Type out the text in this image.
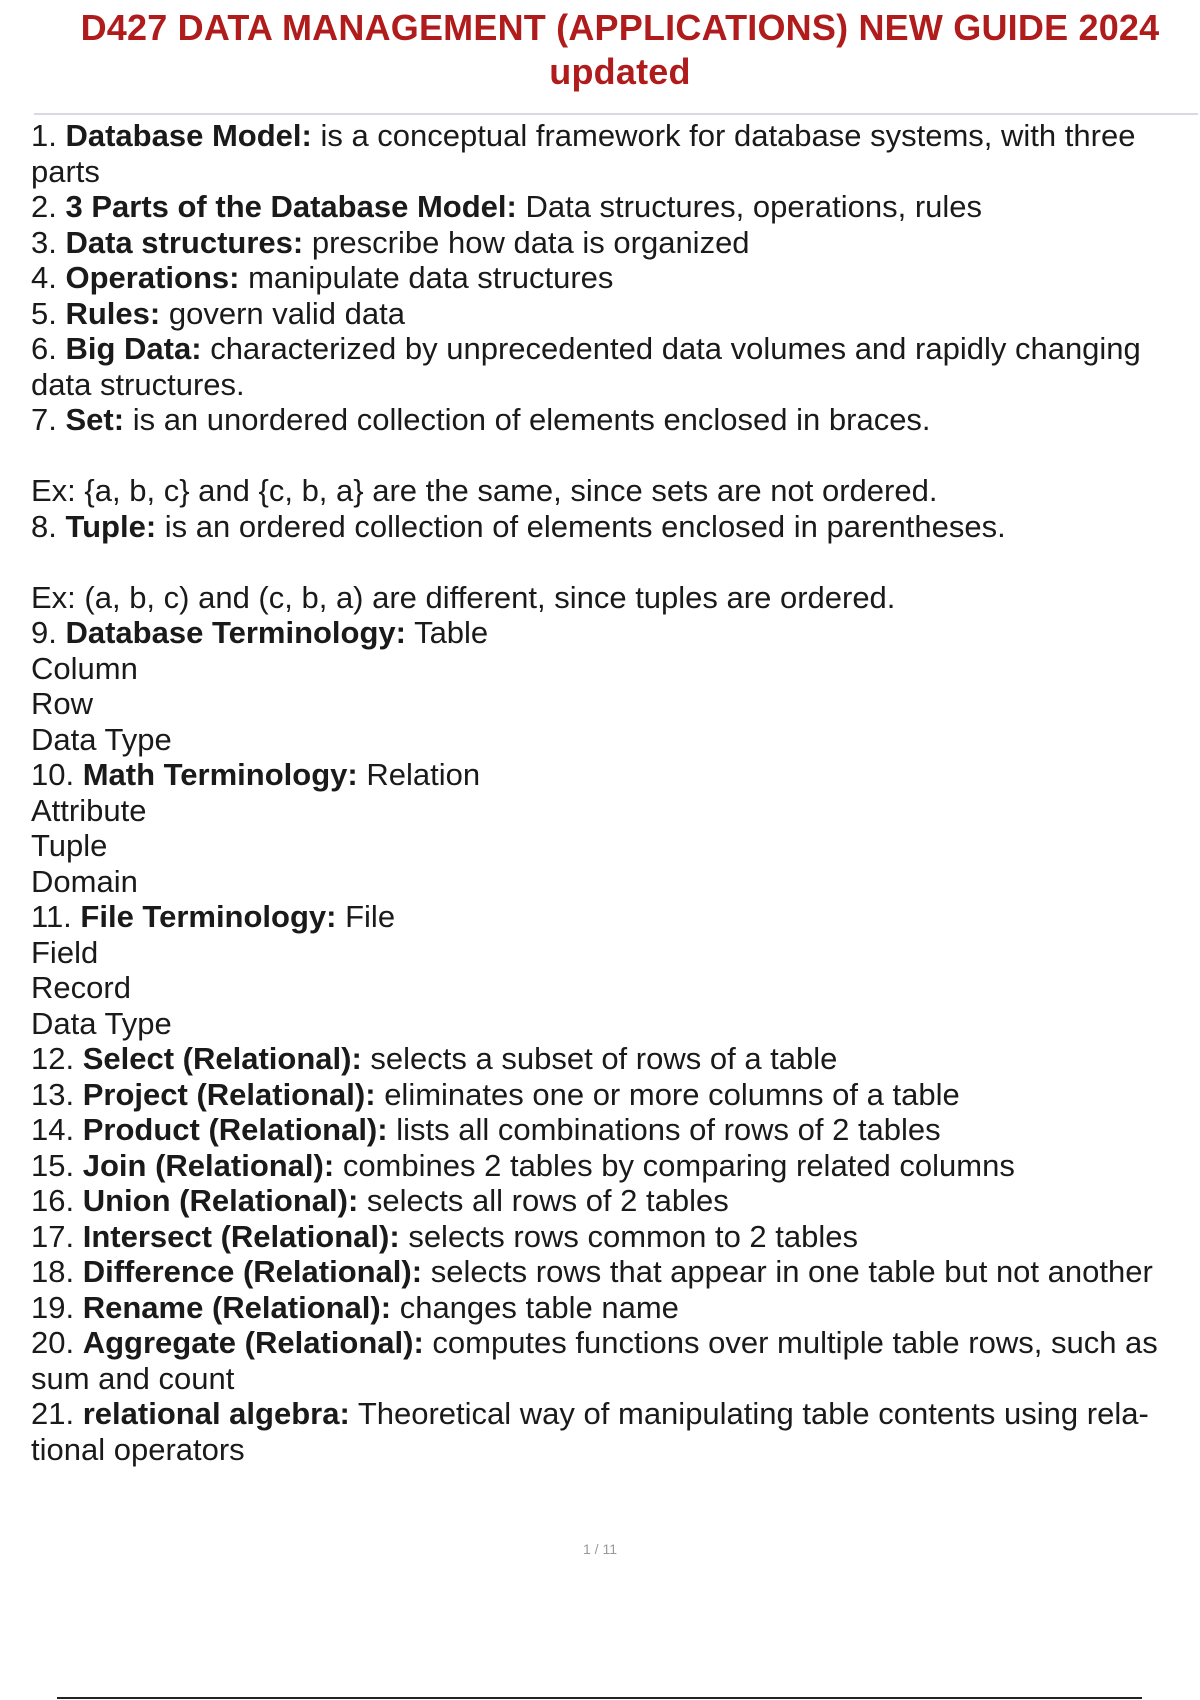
D427 DATA MANAGEMENT (APPLICATIONS) NEW GUIDE 2024 updated
1. Database Model: is a conceptual framework for database systems, with three parts
2. 3 Parts of the Database Model: Data structures, operations, rules
3. Data structures: prescribe how data is organized
4. Operations: manipulate data structures
5. Rules: govern valid data
6. Big Data: characterized by unprecedented data volumes and rapidly changing data structures.
7. Set: is an unordered collection of elements enclosed in braces.
Ex: {a, b, c} and {c, b, a} are the same, since sets are not ordered.
8. Tuple: is an ordered collection of elements enclosed in parentheses.
Ex: (a, b, c) and (c, b, a) are different, since tuples are ordered.
9. Database Terminology: Table
Column
Row
Data Type
10. Math Terminology: Relation
Attribute
Tuple
Domain
11. File Terminology: File
Field
Record
Data Type
12. Select (Relational): selects a subset of rows of a table
13. Project (Relational): eliminates one or more columns of a table
14. Product (Relational): lists all combinations of rows of 2 tables
15. Join (Relational): combines 2 tables by comparing related columns
16. Union (Relational): selects all rows of 2 tables
17. Intersect (Relational): selects rows common to 2 tables
18. Difference (Relational): selects rows that appear in one table but not another
19. Rename (Relational): changes table name
20. Aggregate (Relational): computes functions over multiple table rows, such as sum and count
21. relational algebra: Theoretical way of manipulating table contents using rela- tional operators
1 / 11
